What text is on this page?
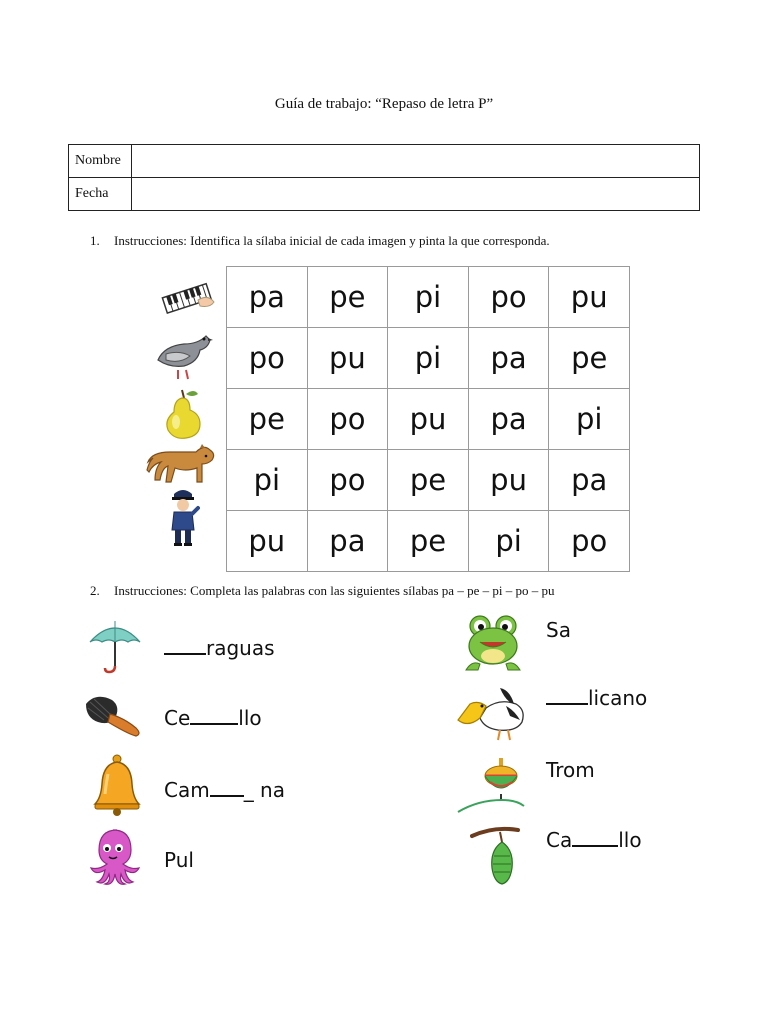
Guía de trabajo: “Repaso de letra P”
Nombre	
Fecha	
1. Instrucciones: Identifica la sílaba inicial de cada imagen y pinta la que corresponda.
pa	pe	pi	po	pu
po	pu	pi	pa	pe
pe	po	pu	pa	pi
pi	po	pe	pu	pa
pu	pa	pe	pi	po
2. Instrucciones: Completa las palabras con las siguientes sílabas pa – pe – pi – po – pu
raguas
Ce llo
Cam _ na
Pul
Sa
licano
Trom
Ca llo
